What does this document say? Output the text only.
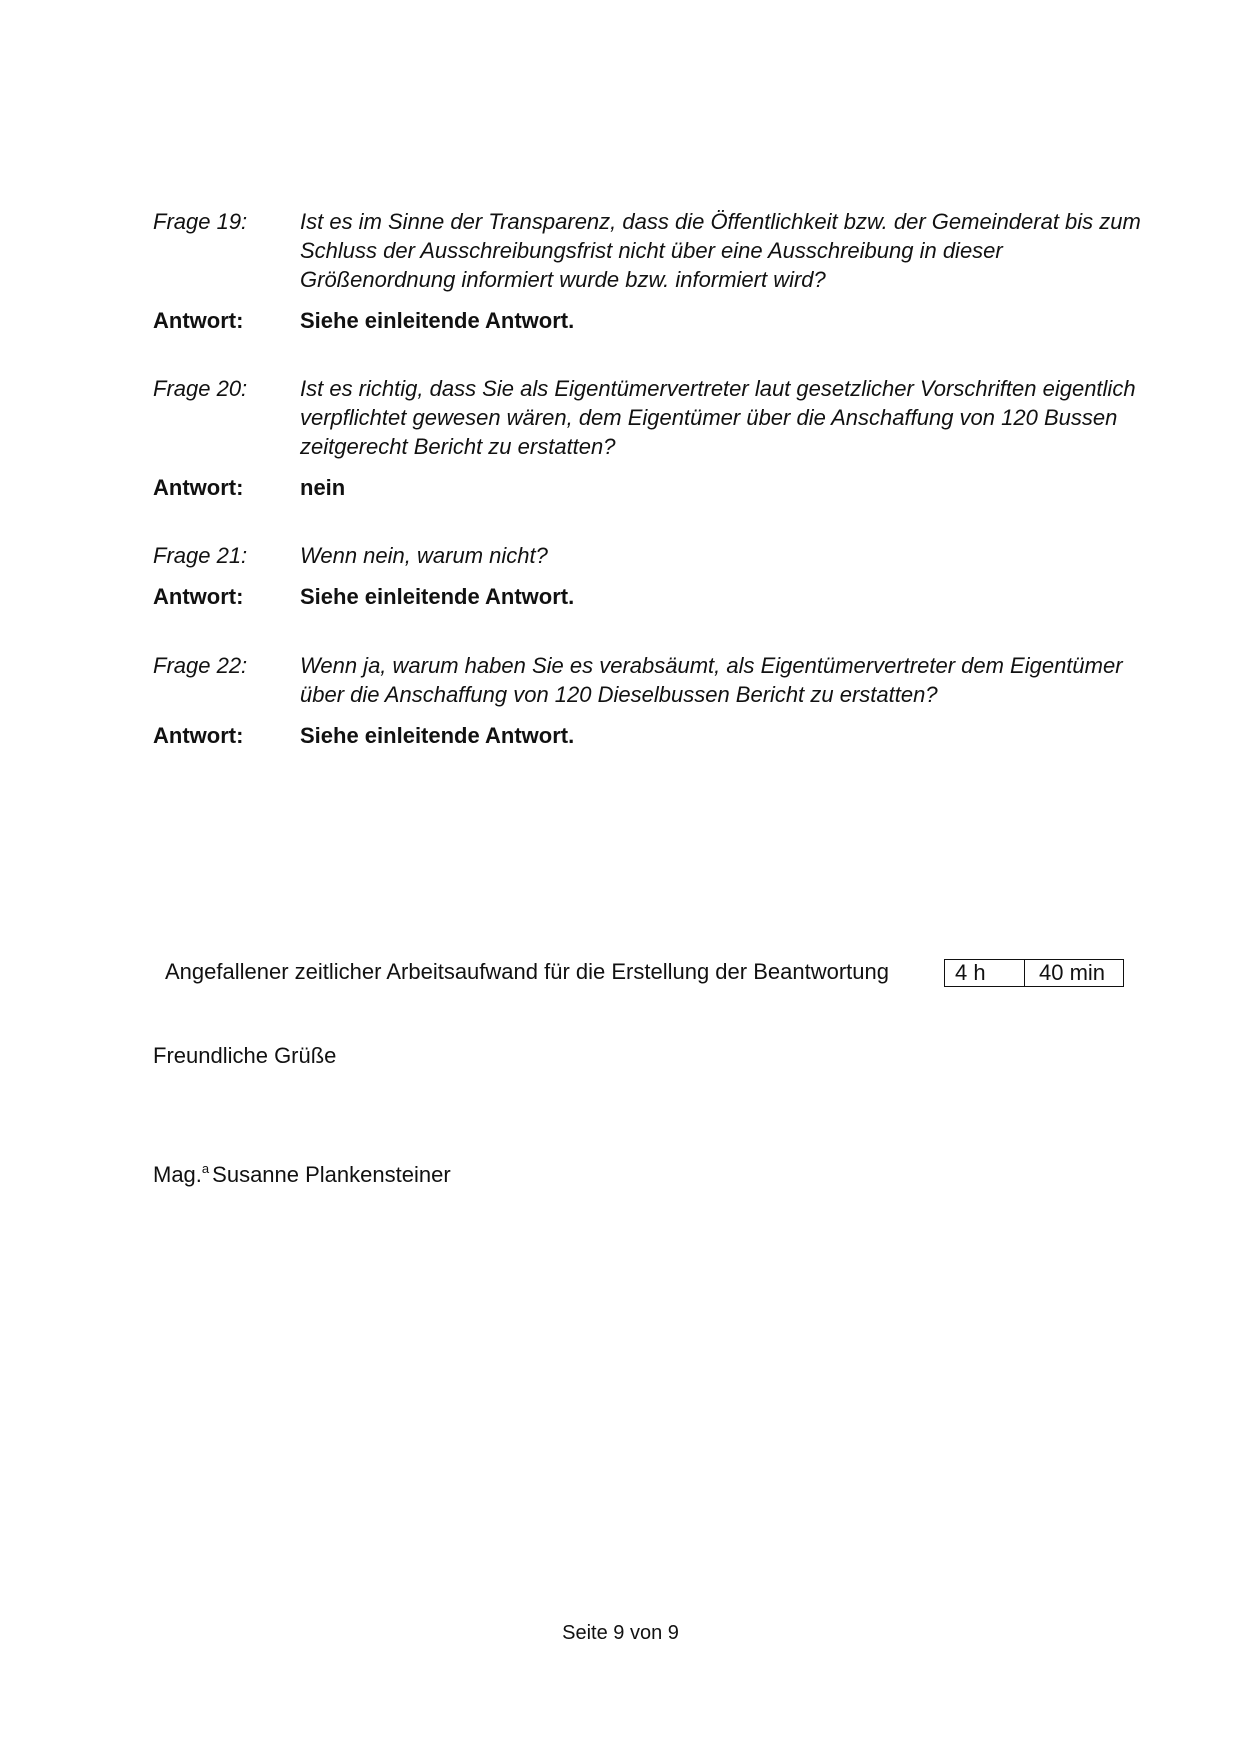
Frage 19:	Ist es im Sinne der Transparenz, dass die Öffentlichkeit bzw. der Gemeinderat bis zum Schluss der Ausschreibungsfrist nicht über eine Ausschreibung in dieser Größenordnung informiert wurde bzw. informiert wird?
Antwort:	Siehe einleitende Antwort.
Frage 20:	Ist es richtig, dass Sie als Eigentümervertreter laut gesetzlicher Vorschriften eigentlich verpflichtet gewesen wären, dem Eigentümer über die Anschaffung von 120 Bussen zeitgerecht Bericht zu erstatten?
Antwort:	nein
Frage 21:	Wenn nein, warum nicht?
Antwort:	Siehe einleitende Antwort.
Frage 22:	Wenn ja, warum haben Sie es verabsäumt, als Eigentümervertreter dem Eigentümer über die Anschaffung von 120 Dieselbussen Bericht zu erstatten?
Antwort:	Siehe einleitende Antwort.
Angefallener zeitlicher Arbeitsaufwand für die Erstellung der Beantwortung	4 h	40 min
Freundliche Grüße
Mag.$^a$ Susanne Plankensteiner
Seite 9 von 9
